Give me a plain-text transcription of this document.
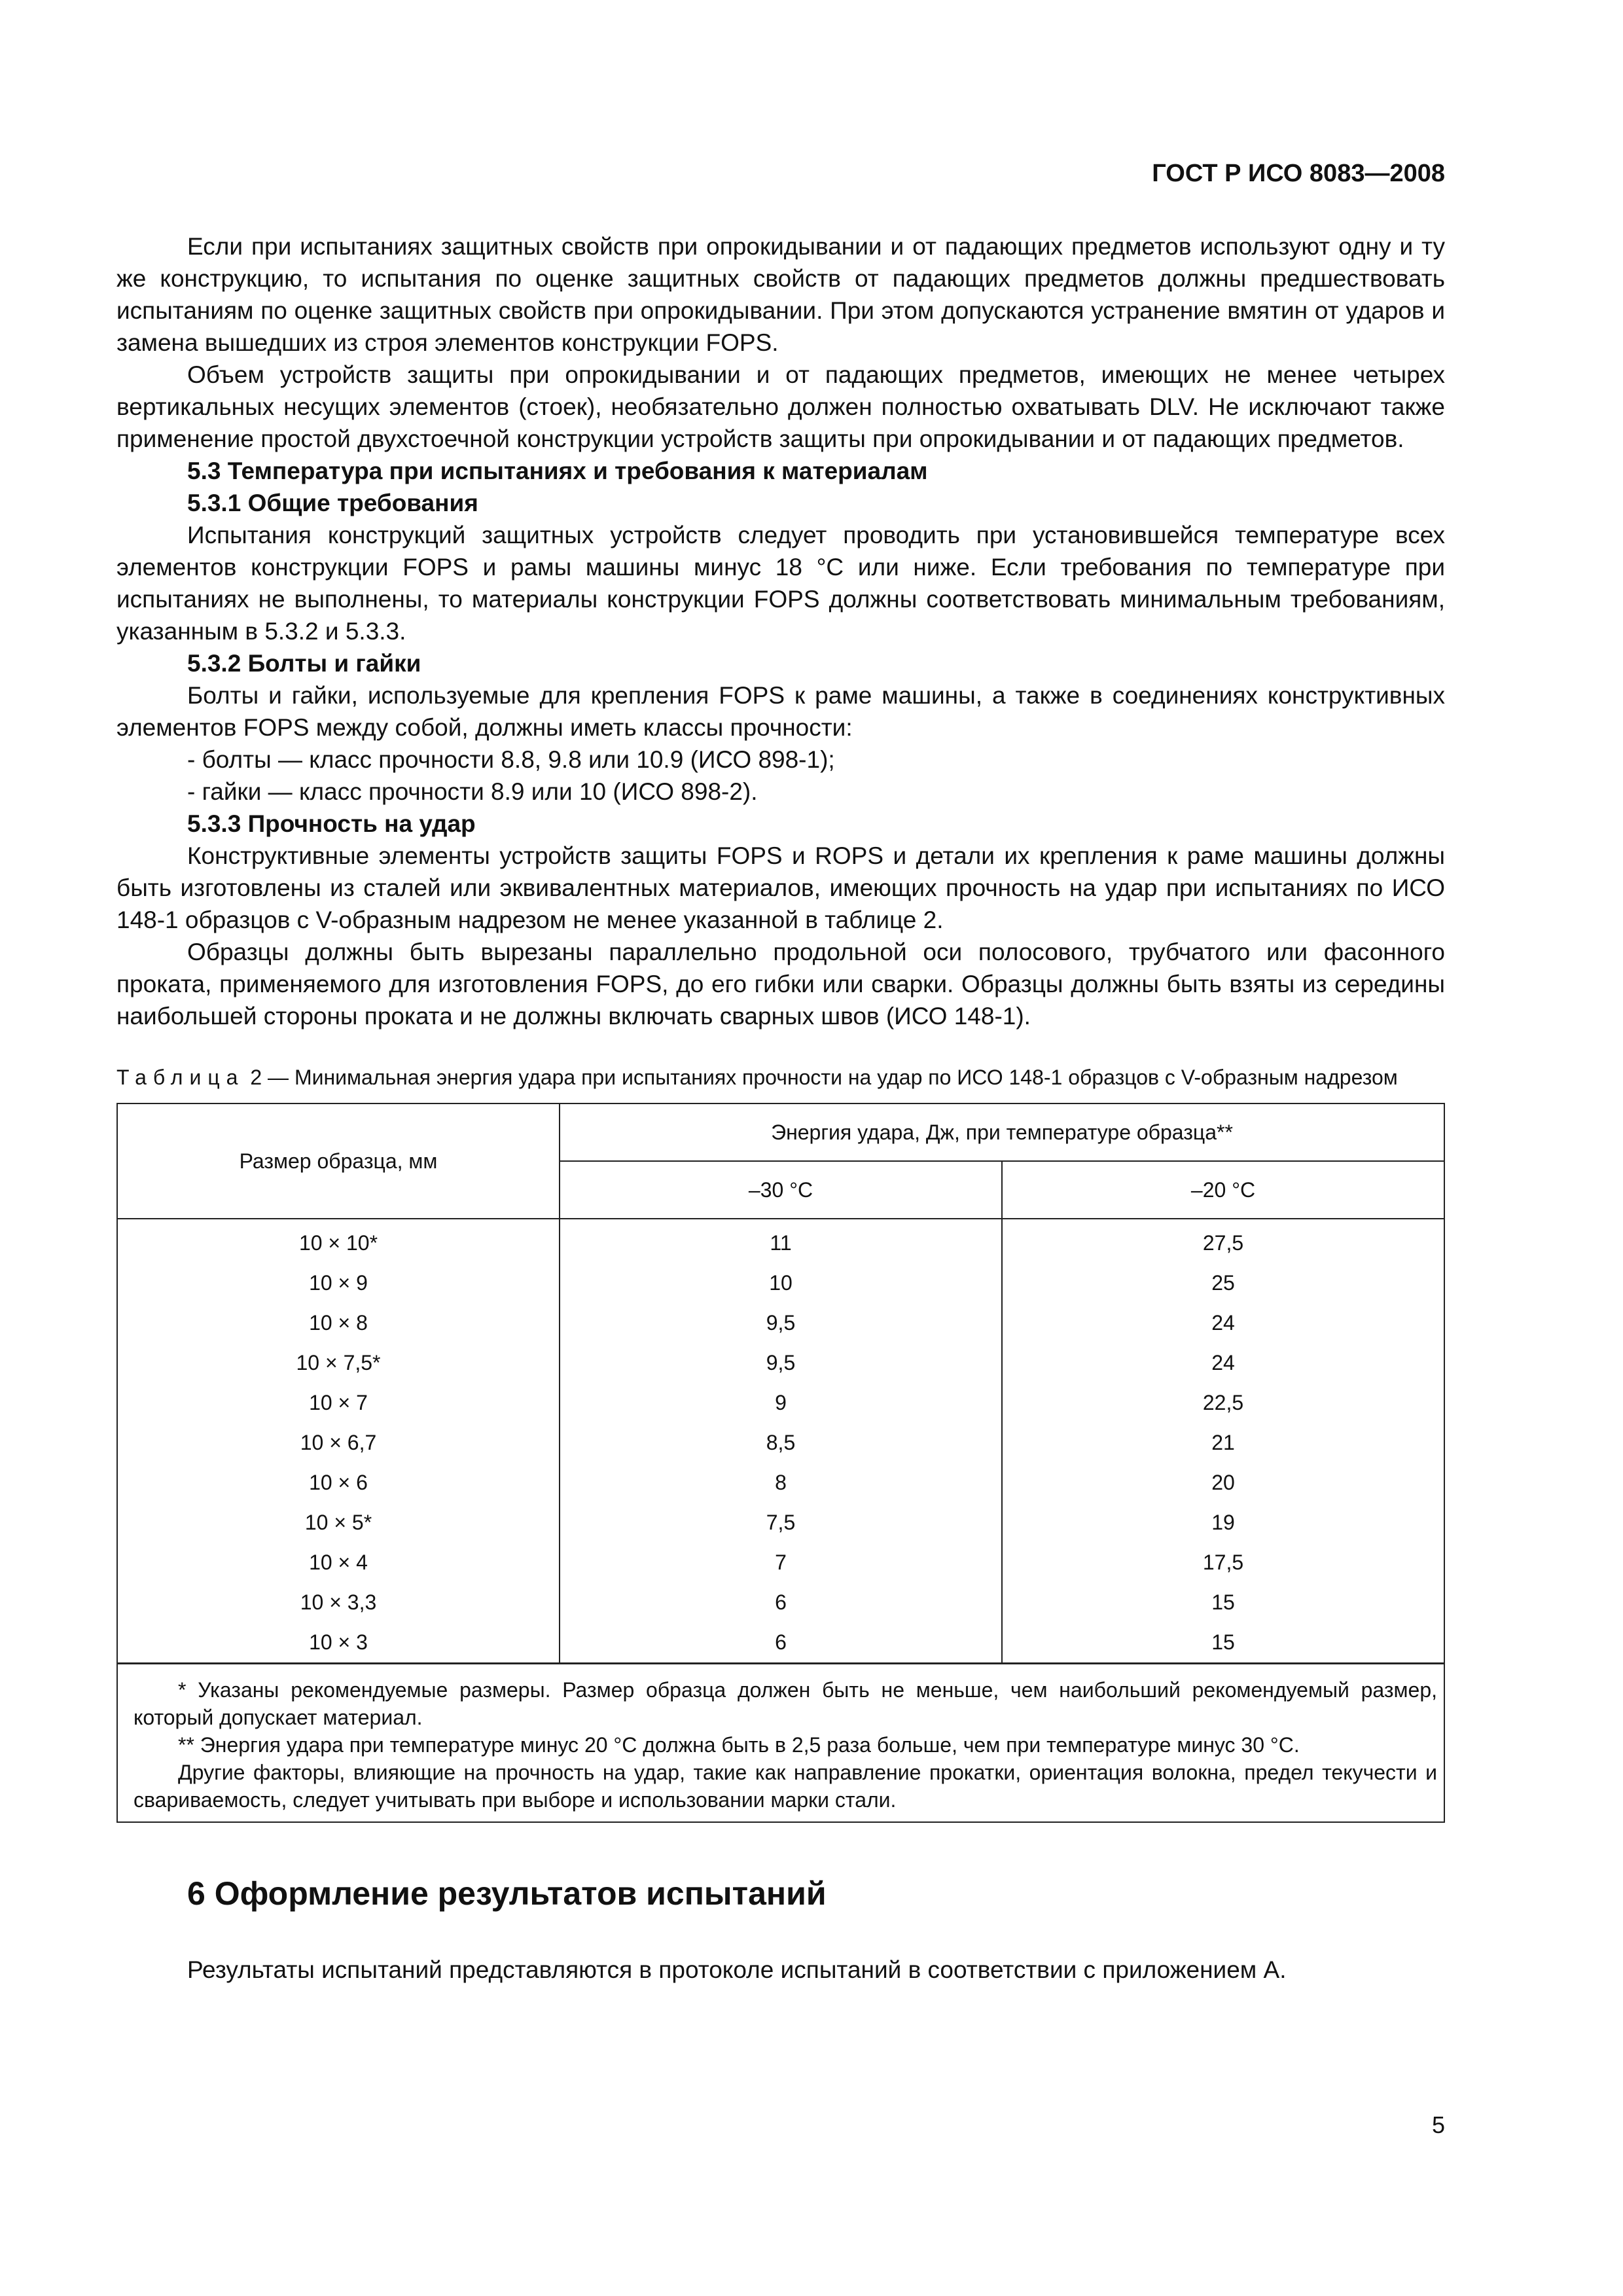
ГОСТ Р ИСО 8083—2008

Если при испытаниях защитных свойств при опрокидывании и от падающих предметов используют одну и ту же конструкцию, то испытания по оценке защитных свойств от падающих предметов должны предшествовать испытаниям по оценке защитных свойств при опрокидывании. При этом допускаются устранение вмятин от ударов и замена вышедших из строя элементов конструкции FOPS.

Объем устройств защиты при опрокидывании и от падающих предметов, имеющих не менее четырех вертикальных несущих элементов (стоек), необязательно должен полностью охватывать DLV. Не исключают также применение простой двухстоечной конструкции устройств защиты при опрокидывании и от падающих предметов.

5.3 Температура при испытаниях и требования к материалам
5.3.1 Общие требования

Испытания конструкций защитных устройств следует проводить при установившейся температуре всех элементов конструкции FOPS и рамы машины минус 18 °С или ниже. Если требования по температуре при испытаниях не выполнены, то материалы конструкции FOPS должны соответствовать минимальным требованиям, указанным в 5.3.2 и 5.3.3.

5.3.2 Болты и гайки

Болты и гайки, используемые для крепления FOPS к раме машины, а также в соединениях конструктивных элементов FOPS между собой, должны иметь классы прочности:

- болты — класс прочности 8.8, 9.8 или 10.9 (ИСО 898-1);

- гайки — класс прочности 8.9 или 10 (ИСО 898-2).

5.3.3 Прочность на удар

Конструктивные элементы устройств защиты FOPS и ROPS и детали их крепления к раме машины должны быть изготовлены из сталей или эквивалентных материалов, имеющих прочность на удар при испытаниях по ИСО 148-1 образцов с V-образным надрезом не менее указанной в таблице 2.

Образцы должны быть вырезаны параллельно продольной оси полосового, трубчатого или фасонного проката, применяемого для изготовления FOPS, до его гибки или сварки. Образцы должны быть взяты из середины наибольшей стороны проката и не должны включать сварных швов (ИСО 148-1).

Таблица 2 — Минимальная энергия удара при испытаниях прочности на удар по ИСО 148-1 образцов с V-образным надрезом
Размер образца, мм	Энергия удара, Дж, при температуре образца**	
	–30 °С	–20 °С
10 × 10*	11	27,5
10 × 9	10	25
10 × 8	9,5	24
10 × 7,5*	9,5	24
10 × 7	9	22,5
10 × 6,7	8,5	21
10 × 6	8	20
10 × 5*	7,5	19
10 × 4	7	17,5
10 × 3,3	6	15
10 × 3	6	15

* Указаны рекомендуемые размеры. Размер образца должен быть не меньше, чем наибольший рекомендуемый размер, который допускает материал.
** Энергия удара при температуре минус 20 °С должна быть в 2,5 раза больше, чем при температуре минус 30 °С.
Другие факторы, влияющие на прочность на удар, такие как направление прокатки, ориентация волокна, предел текучести и свариваемость, следует учитывать при выборе и использовании марки стали.		
6 Оформление результатов испытаний

Результаты испытаний представляются в протоколе испытаний в соответствии с приложением А.

5
